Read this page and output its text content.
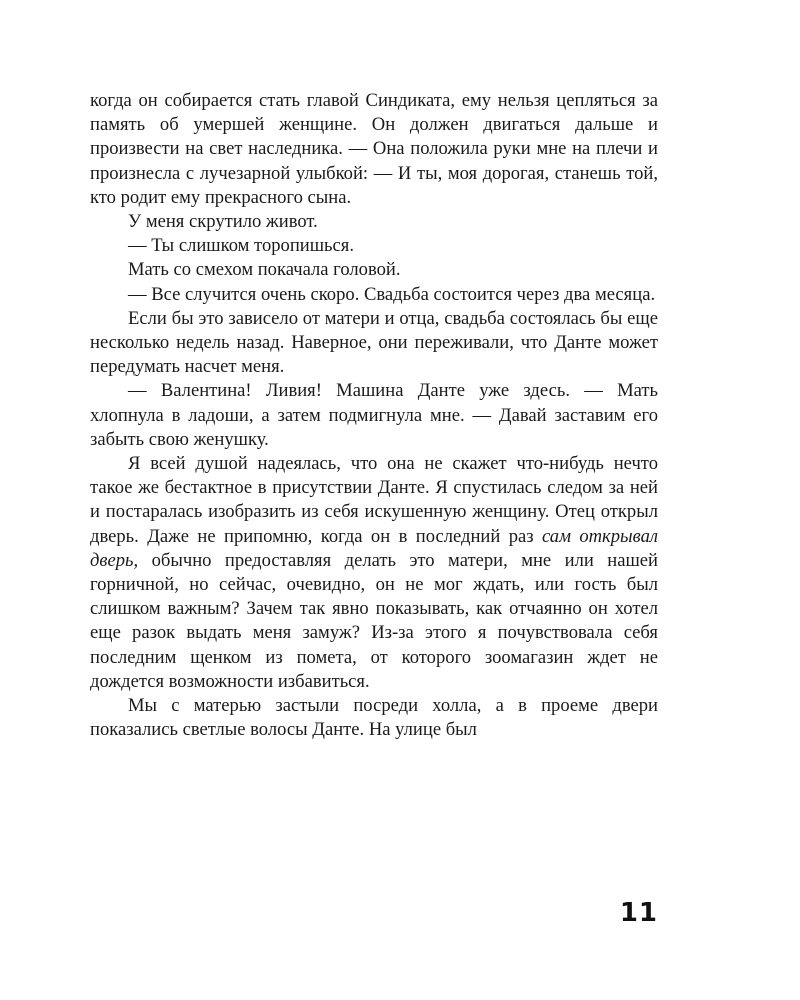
когда он собирается стать главой Синдиката, ему нельзя цепляться за память об умершей женщине. Он должен двигаться дальше и произвести на свет наследника. — Она положила руки мне на плечи и произнесла с лучезарной улыбкой: — И ты, моя дорогая, станешь той, кто родит ему прекрасного сына.

У меня скрутило живот.

— Ты слишком торопишься.

Мать со смехом покачала головой.

— Все случится очень скоро. Свадьба состоится через два месяца.

Если бы это зависело от матери и отца, свадьба состоялась бы еще несколько недель назад. Наверное, они переживали, что Данте может передумать насчет меня.

— Валентина! Ливия! Машина Данте уже здесь. — Мать хлопнула в ладоши, а затем подмигнула мне. — Давай заставим его забыть свою женушку.

Я всей душой надеялась, что она не скажет что-нибудь нечто такое же бестактное в присутствии Данте. Я спустилась следом за ней и постаралась изобразить из себя искушенную женщину. Отец открыл дверь. Даже не припомню, когда он в последний раз сам открывал дверь, обычно предоставляя делать это матери, мне или нашей горничной, но сейчас, очевидно, он не мог ждать, или гость был слишком важным? Зачем так явно показывать, как отчаянно он хотел еще разок выдать меня замуж? Из-за этого я почувствовала себя последним щенком из помета, от которого зоомагазин ждет не дождется возможности избавиться.

Мы с матерью застыли посреди холла, а в проеме двери показались светлые волосы Данте. На улице был

11
